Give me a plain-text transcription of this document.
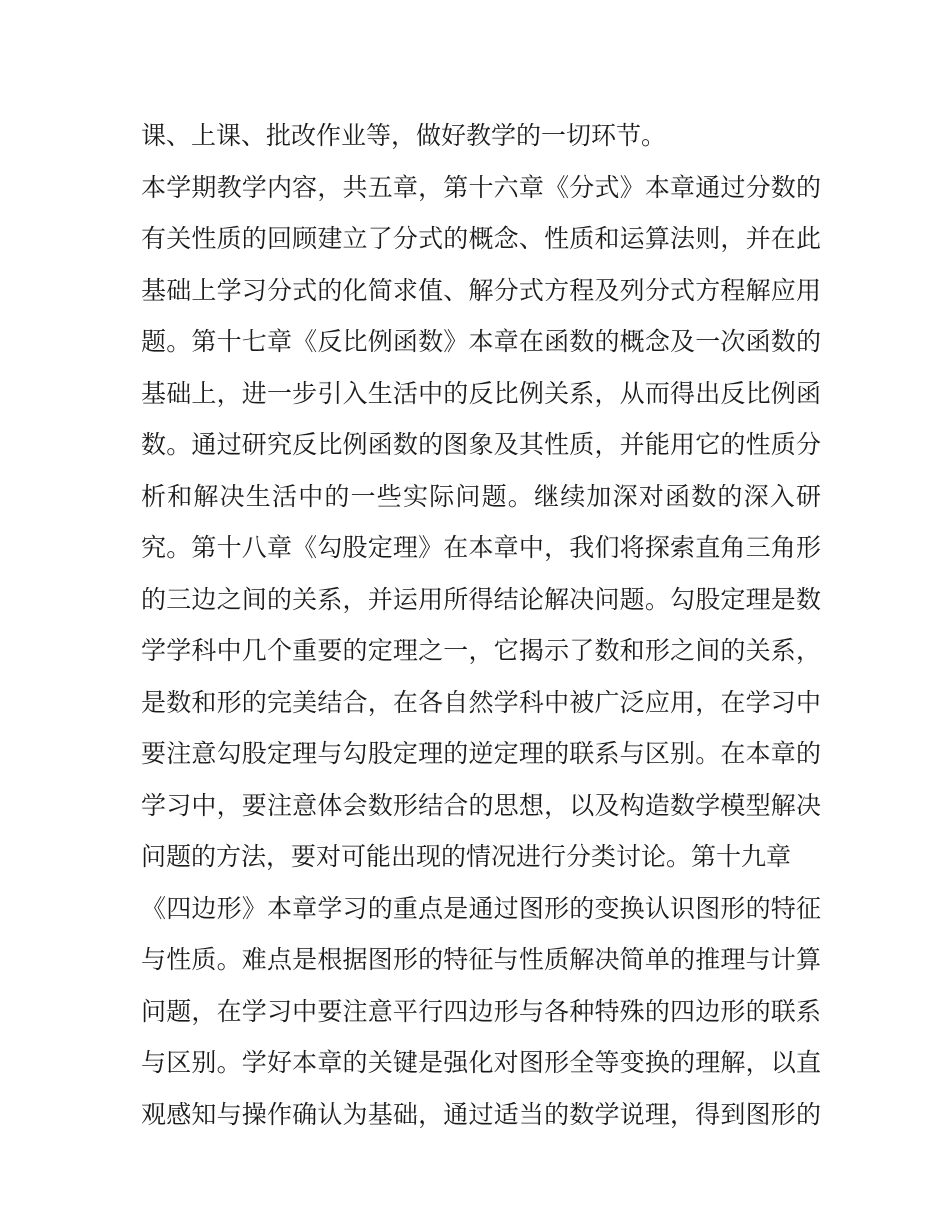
课、上课、批改作业等，做好教学的一切环节。
本学期教学内容，共五章，第十六章《分式》本章通过分数的
有关性质的回顾建立了分式的概念、性质和运算法则，并在此
基础上学习分式的化简求值、解分式方程及列分式方程解应用
题。第十七章《反比例函数》本章在函数的概念及一次函数的
基础上，进一步引入生活中的反比例关系，从而得出反比例函
数。通过研究反比例函数的图象及其性质，并能用它的性质分
析和解决生活中的一些实际问题。继续加深对函数的深入研
究。第十八章《勾股定理》在本章中，我们将探索直角三角形
的三边之间的关系，并运用所得结论解决问题。勾股定理是数
学学科中几个重要的定理之一，它揭示了数和形之间的关系，
是数和形的完美结合，在各自然学科中被广泛应用，在学习中
要注意勾股定理与勾股定理的逆定理的联系与区别。在本章的
学习中，要注意体会数形结合的思想，以及构造数学模型解决
问题的方法，要对可能出现的情况进行分类讨论。第十九章
《四边形》本章学习的重点是通过图形的变换认识图形的特征
与性质。难点是根据图形的特征与性质解决简单的推理与计算
问题，在学习中要注意平行四边形与各种特殊的四边形的联系
与区别。学好本章的关键是强化对图形全等变换的理解，以直
观感知与操作确认为基础，通过适当的数学说理，得到图形的
